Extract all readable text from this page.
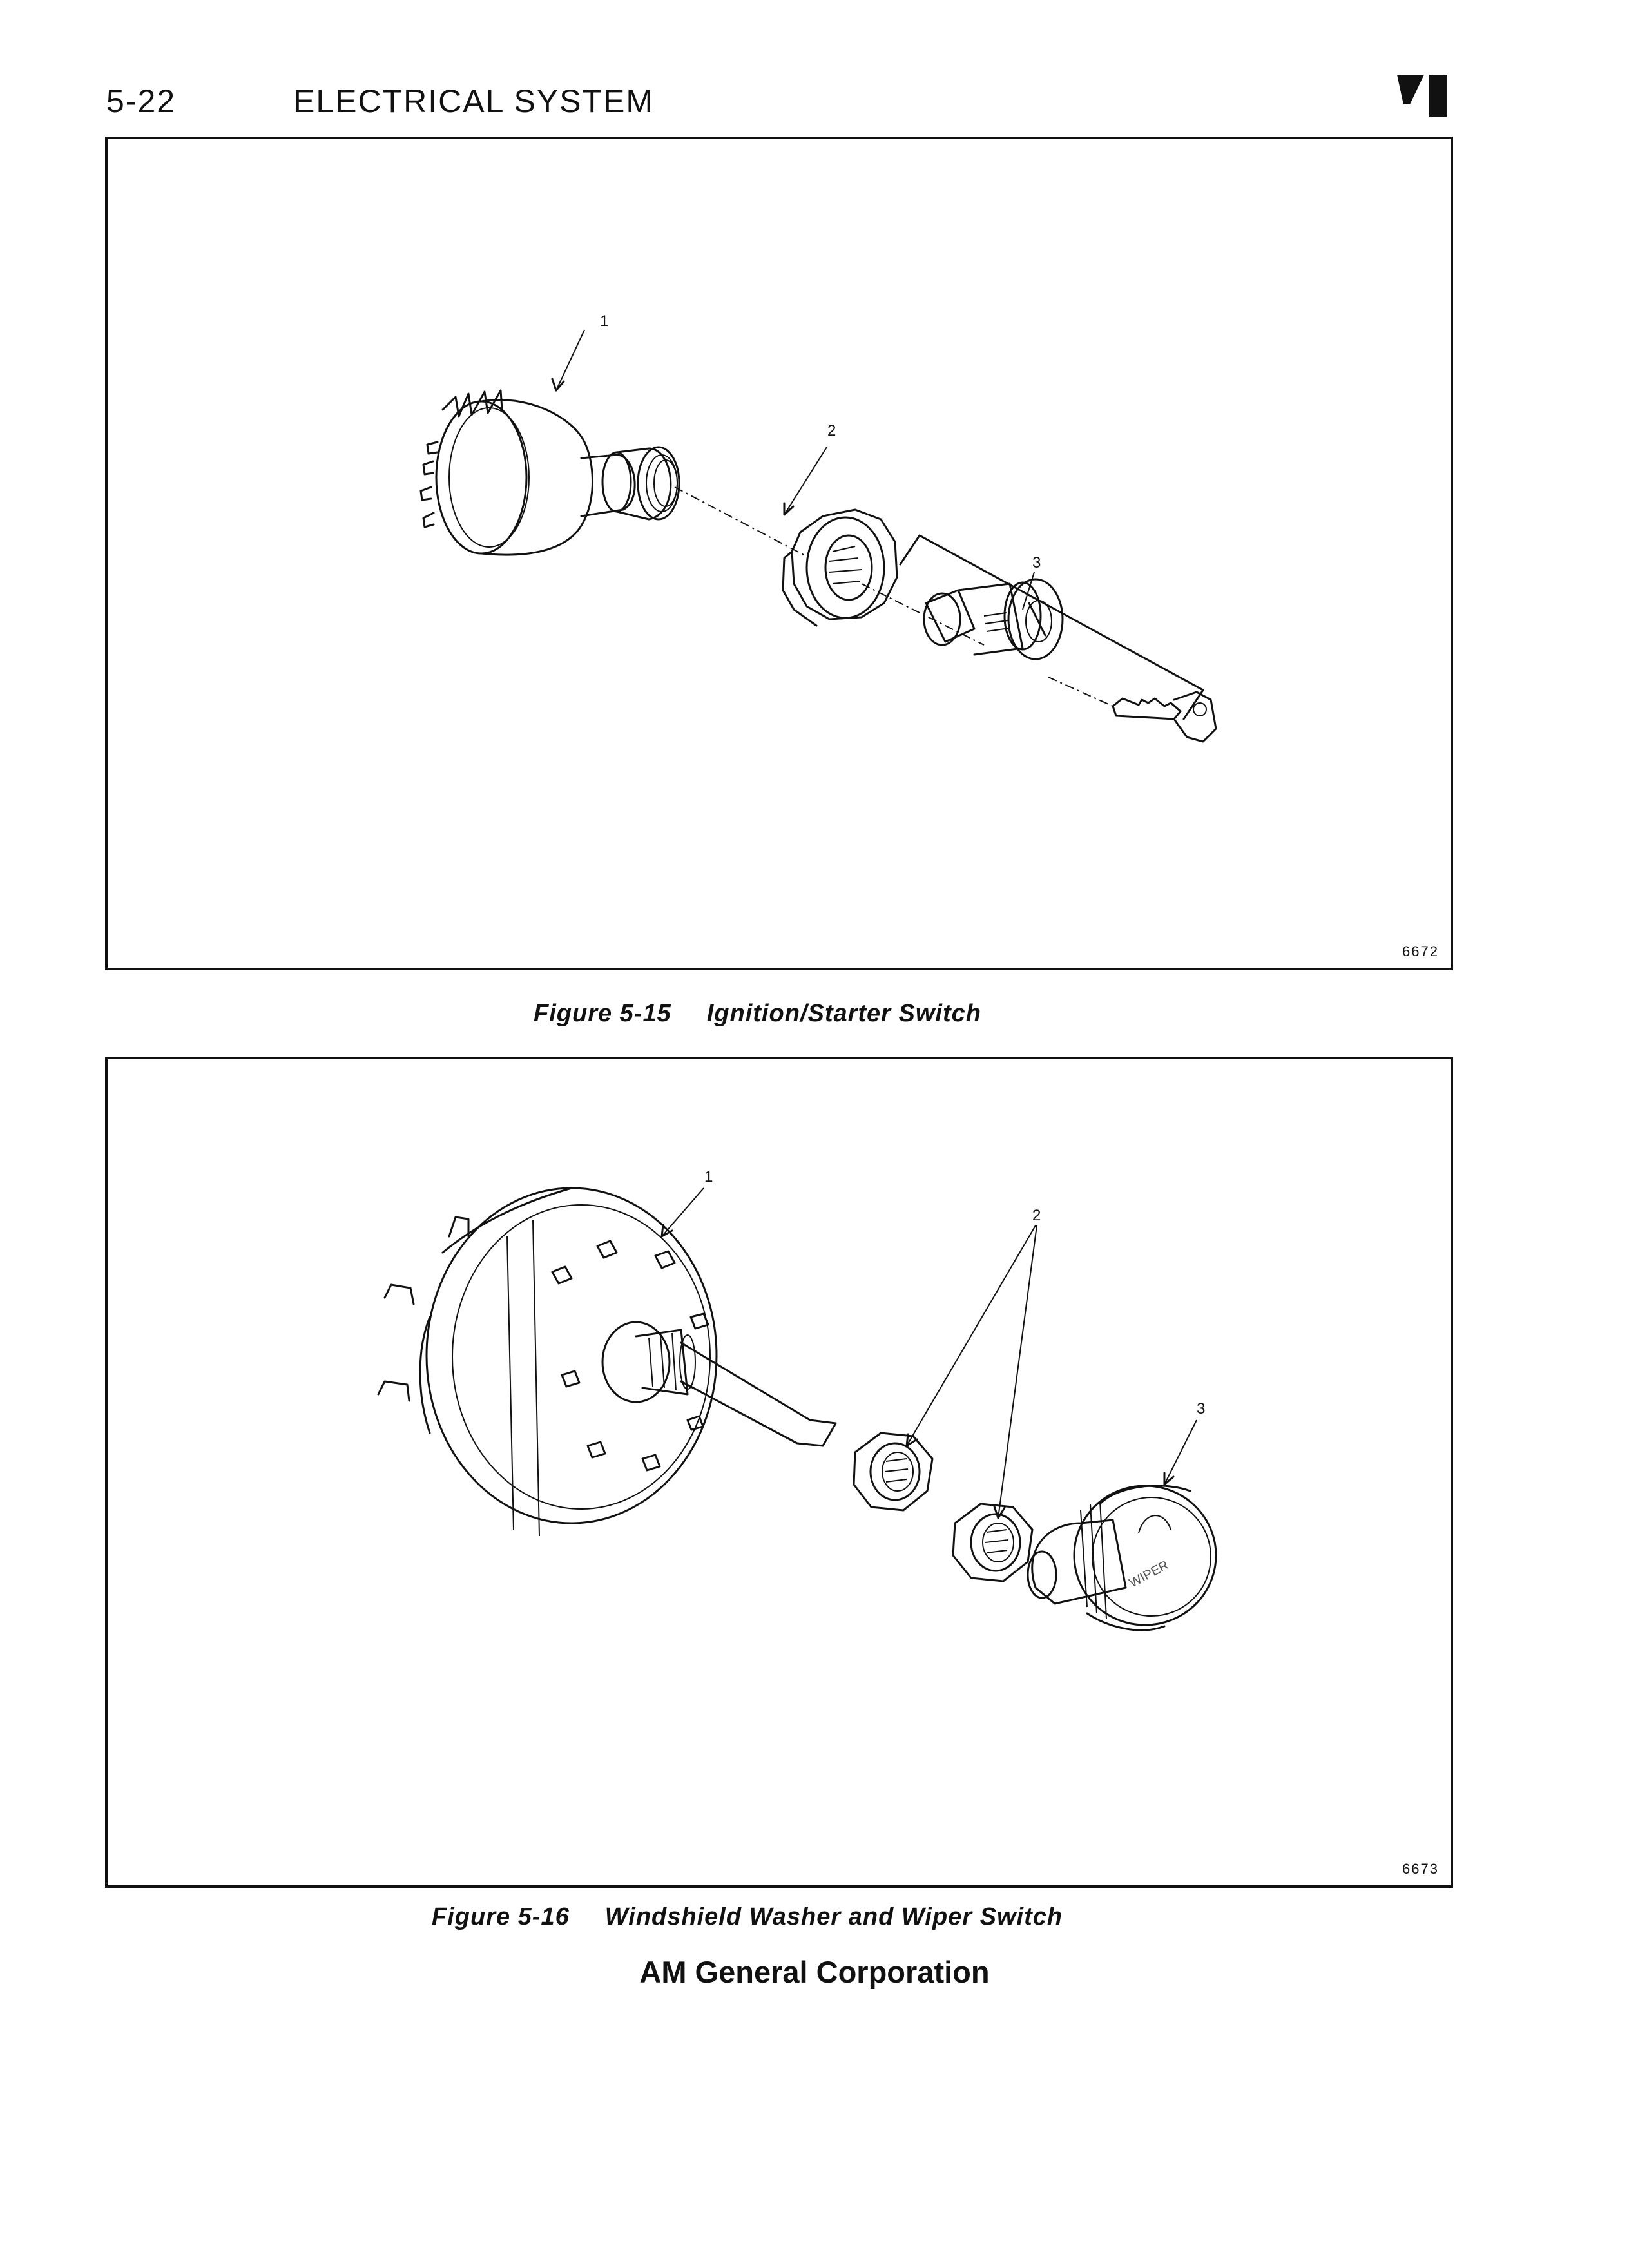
5-22	ELECTRICAL SYSTEM
1
2
3
6672
Figure 5-15 Ignition/Starter Switch
WIPER
1
2
3
6673
Figure 5-16 Windshield Washer and Wiper Switch
AM General Corporation
